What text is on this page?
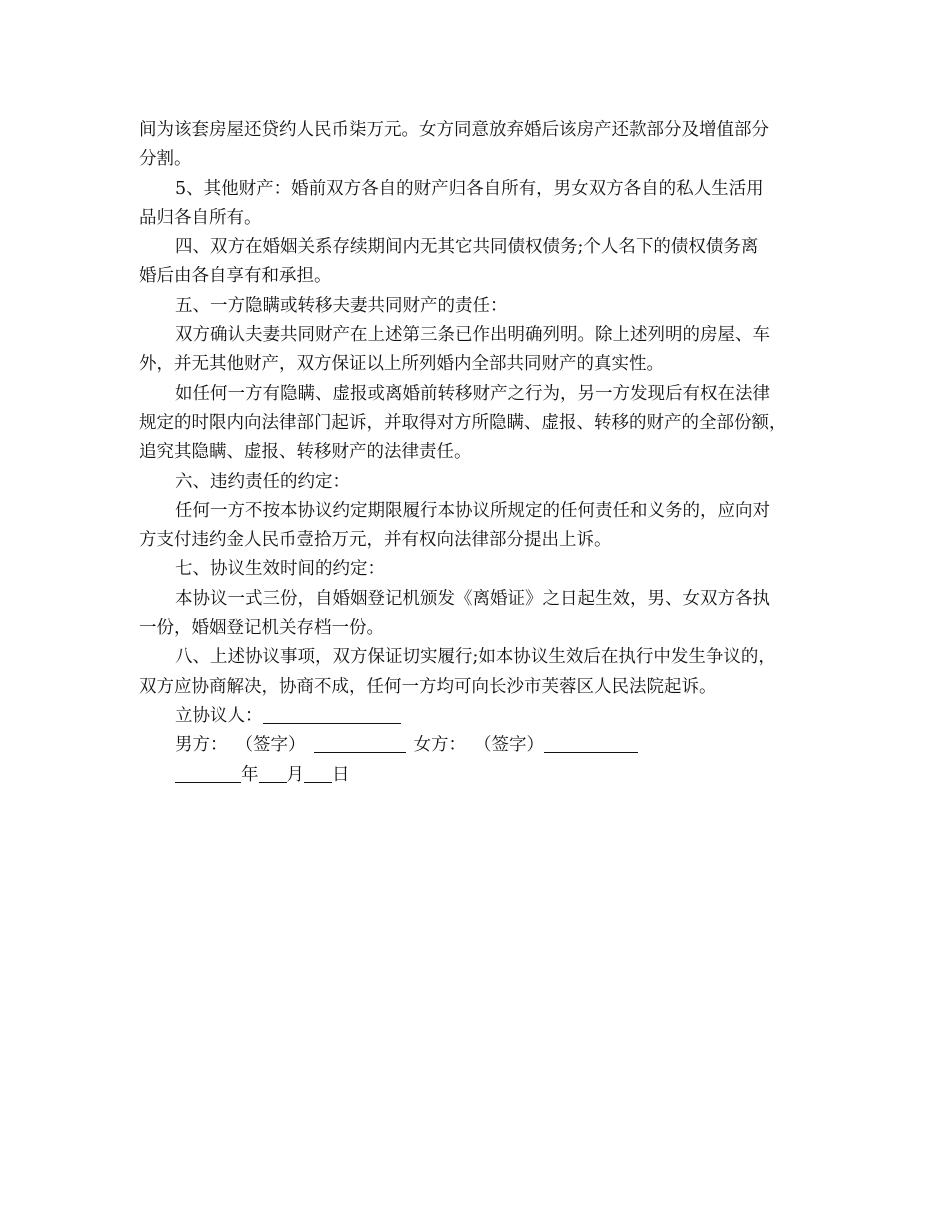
间为该套房屋还贷约人民币柒万元。女方同意放弃婚后该房产还款部分及增值部分
分割。

5、其他财产：婚前双方各自的财产归各自所有，男女双方各自的私人生活用
品归各自所有。

四、双方在婚姻关系存续期间内无其它共同债权债务;个人名下的债权债务离
婚后由各自享有和承担。

五、一方隐瞒或转移夫妻共同财产的责任：

双方确认夫妻共同财产在上述第三条已作出明确列明。除上述列明的房屋、车
外，并无其他财产，双方保证以上所列婚内全部共同财产的真实性。

如任何一方有隐瞒、虚报或离婚前转移财产之行为，另一方发现后有权在法律
规定的时限内向法律部门起诉，并取得对方所隐瞒、虚报、转移的财产的全部份额，
追究其隐瞒、虚报、转移财产的法律责任。

六、违约责任的约定：

任何一方不按本协议约定期限履行本协议所规定的任何责任和义务的，应向对
方支付违约金人民币壹拾万元，并有权向法律部分提出上诉。

七、协议生效时间的约定：

本协议一式三份，自婚姻登记机颁发《离婚证》之日起生效，男、女双方各执
一份，婚姻登记机关存档一份。

八、上述协议事项，双方保证切实履行;如本协议生效后在执行中发生争议的，
双方应协商解决，协商不成，任何一方均可向长沙市芙蓉区人民法院起诉。

立协议人：

男方： （签字）	女方： （签字）

年 月 日
